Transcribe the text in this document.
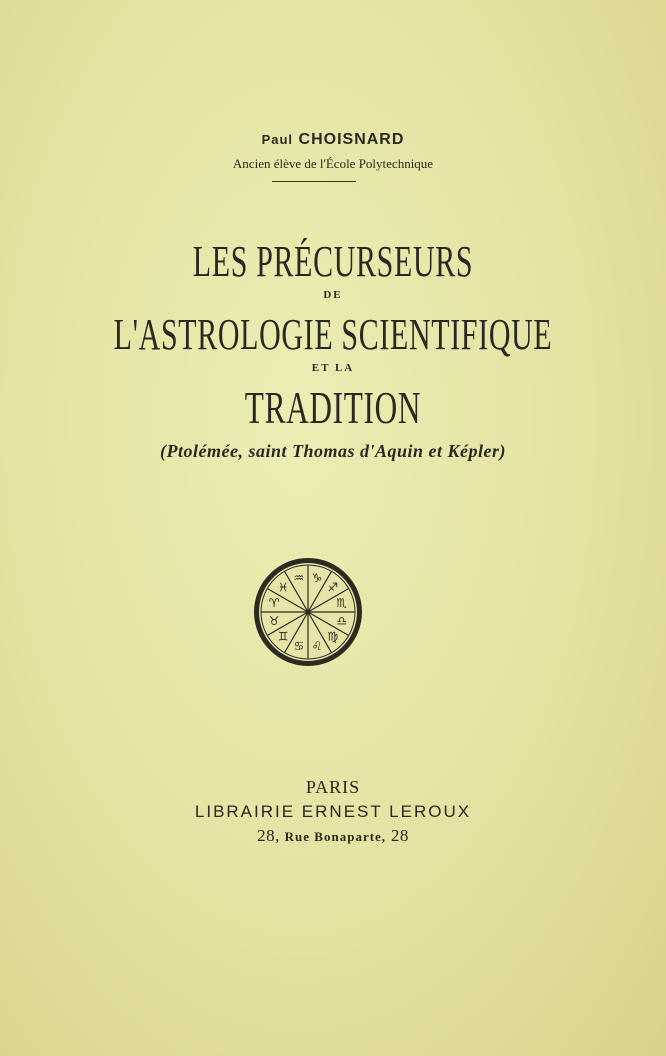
Paul CHOISNARD
Ancien élève de l'École Polytechnique
LES PRÉCURSEURS
DE
L'ASTROLOGIE SCIENTIFIQUE
ET LA
TRADITION
(Ptolémée, saint Thomas d'Aquin et Képler)
♑
♐
♏
♎
♍
♌
♋
♊
♉
♈
♓
♒
PARIS
LIBRAIRIE ERNEST LEROUX
28, Rue Bonaparte, 28
